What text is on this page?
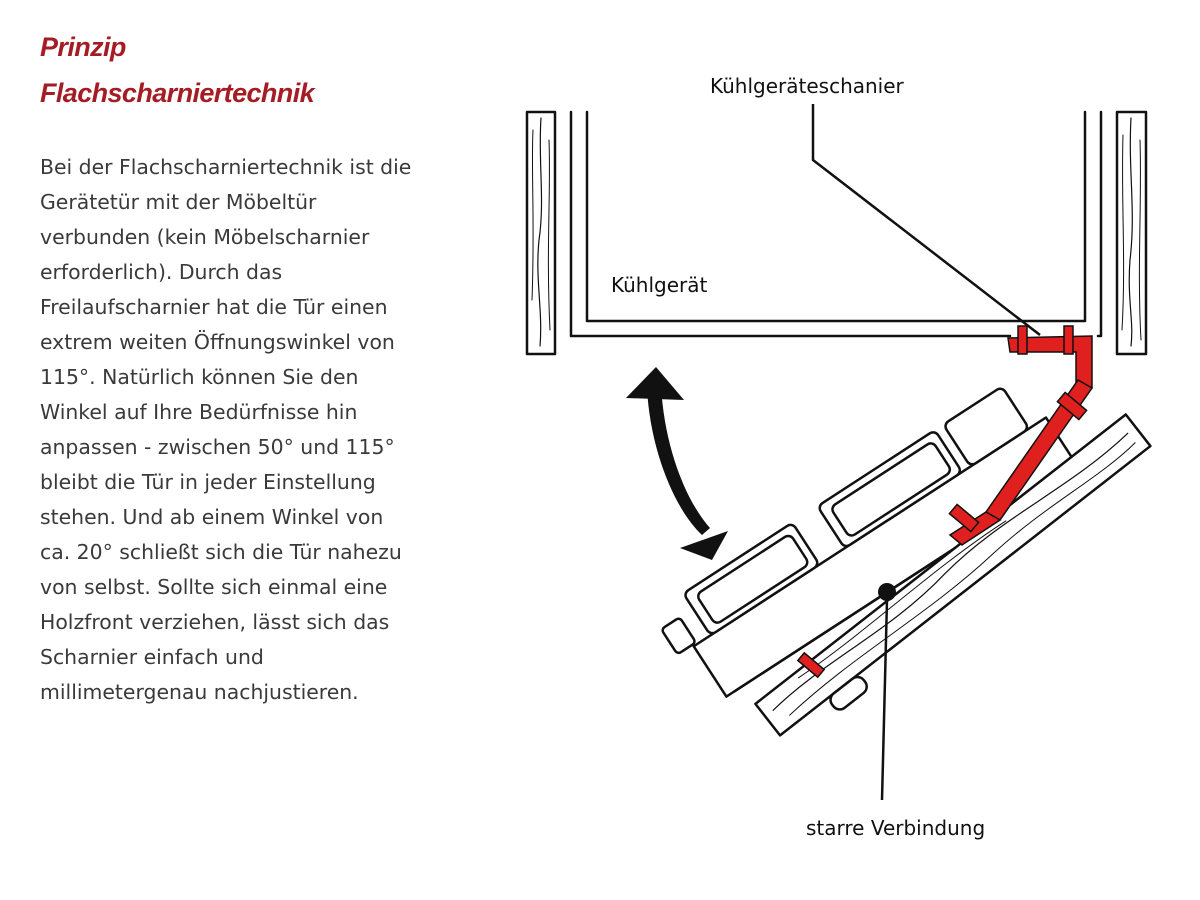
Prinzip
Flachscharniertechnik
Bei der Flachscharniertechnik ist die
Gerätetür mit der Möbeltür
verbunden (kein Möbelscharnier
erforderlich). Durch das
Freilaufscharnier hat die Tür einen
extrem weiten Öffnungswinkel von
115°. Natürlich können Sie den
Winkel auf Ihre Bedürfnisse hin
anpassen - zwischen 50° und 115°
bleibt die Tür in jeder Einstellung
stehen. Und ab einem Winkel von
ca. 20° schließt sich die Tür nahezu
von selbst. Sollte sich einmal eine
Holzfront verziehen, lässt sich das
Scharnier einfach und
millimetergenau nachjustieren.
Kühlgeräteschanier
Kühlgerät
starre Verbindung
